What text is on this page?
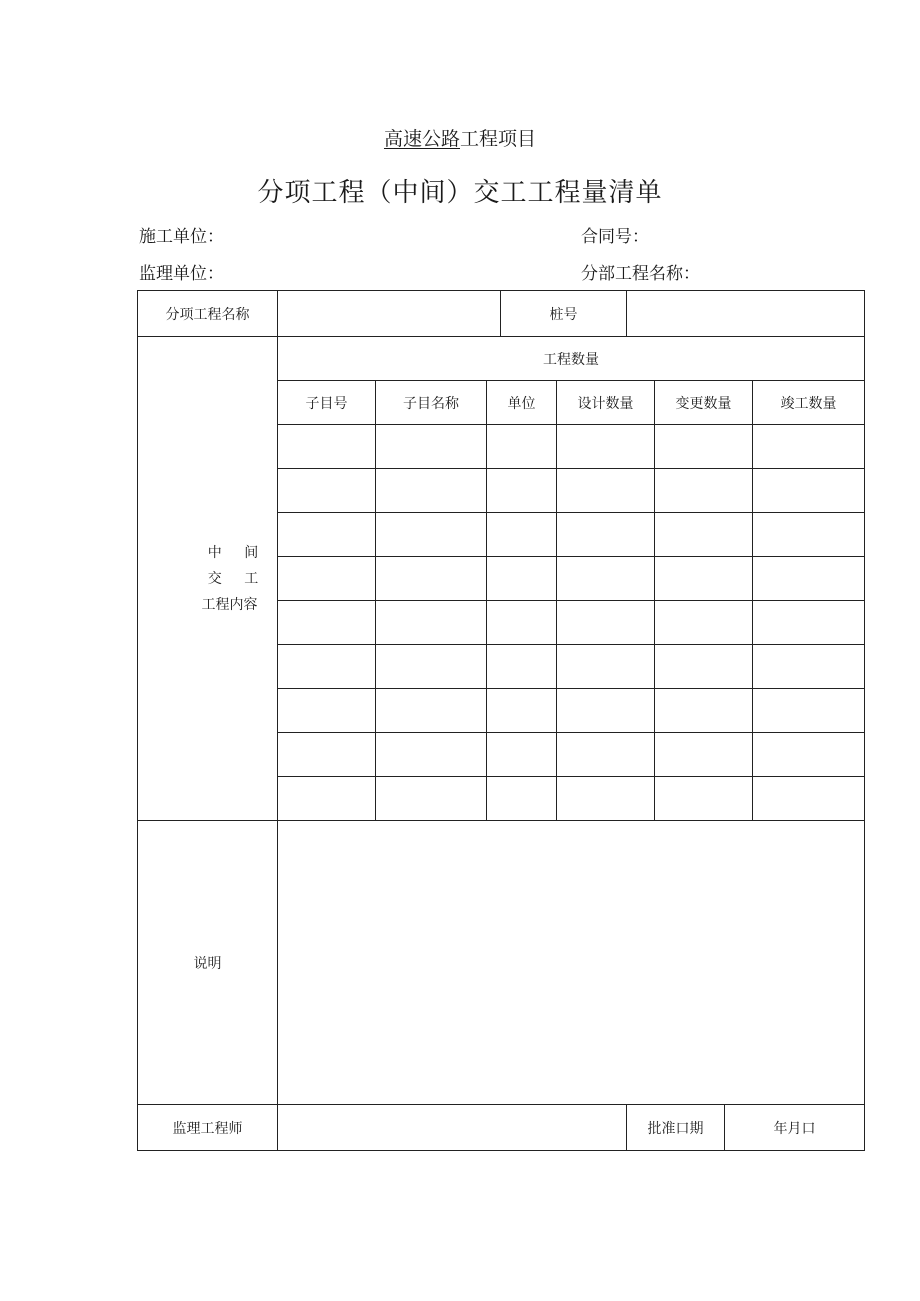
高速公路工程项目
分项工程（中间）交工工程量清单
施工单位：	合同号：
监理单位：	分部工程名称：
分项工程名称				桩号					

中 间 交 工
工程内容	工程数量								
	子目号	子目名称	单位		设计数量		变更数量		竣工数量

说明									
监理工程师						批准口期		年月口	
